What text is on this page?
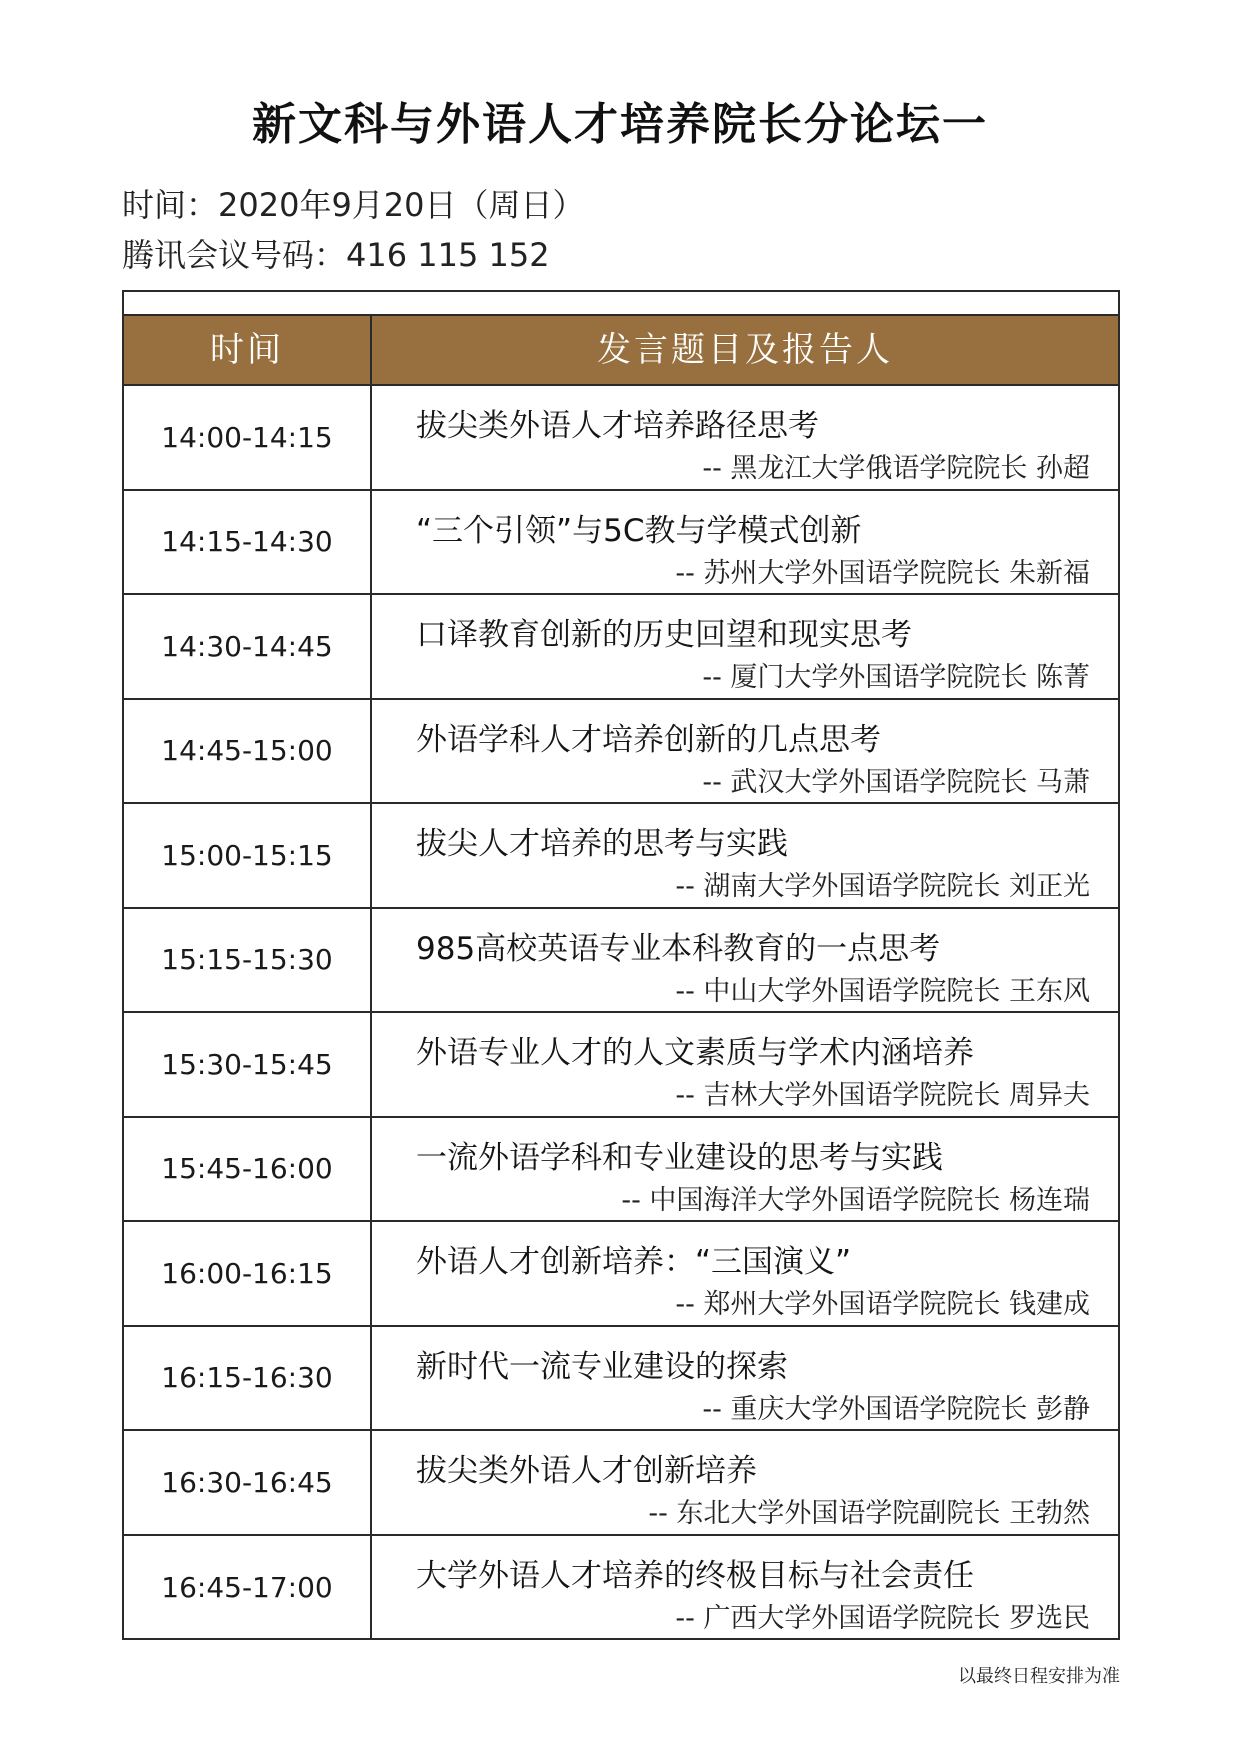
新文科与外语人才培养院长分论坛一
时间：2020年9月20日（周日）
腾讯会议号码：416 115 152
时间	发言题目及报告人
14:00-14:15	拔尖类外语人才培养路径思考
-- 黑龙江大学俄语学院院长 孙超
14:15-14:30	“三个引领”与5C教与学模式创新
-- 苏州大学外国语学院院长 朱新福
14:30-14:45	口译教育创新的历史回望和现实思考
-- 厦门大学外国语学院院长 陈菁
14:45-15:00	外语学科人才培养创新的几点思考
-- 武汉大学外国语学院院长 马萧
15:00-15:15	拔尖人才培养的思考与实践
-- 湖南大学外国语学院院长 刘正光
15:15-15:30	985高校英语专业本科教育的一点思考
-- 中山大学外国语学院院长 王东风
15:30-15:45	外语专业人才的人文素质与学术内涵培养
-- 吉林大学外国语学院院长 周异夫
15:45-16:00	一流外语学科和专业建设的思考与实践
-- 中国海洋大学外国语学院院长 杨连瑞
16:00-16:15	外语人才创新培养：“三国演义”
-- 郑州大学外国语学院院长 钱建成
16:15-16:30	新时代一流专业建设的探索
-- 重庆大学外国语学院院长 彭静
16:30-16:45	拔尖类外语人才创新培养
-- 东北大学外国语学院副院长 王勃然
16:45-17:00	大学外语人才培养的终极目标与社会责任
-- 广西大学外国语学院院长 罗选民
以最终日程安排为准
